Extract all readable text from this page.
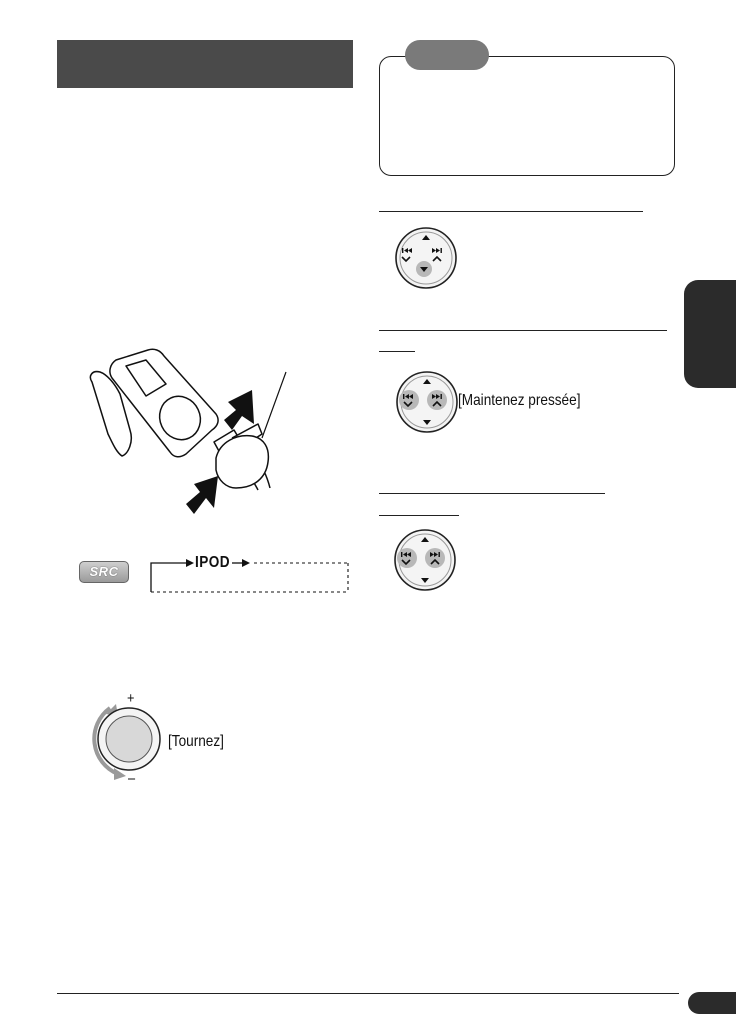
[Maintenez pressée]
SRC
IPOD
+
–
[Tournez]
